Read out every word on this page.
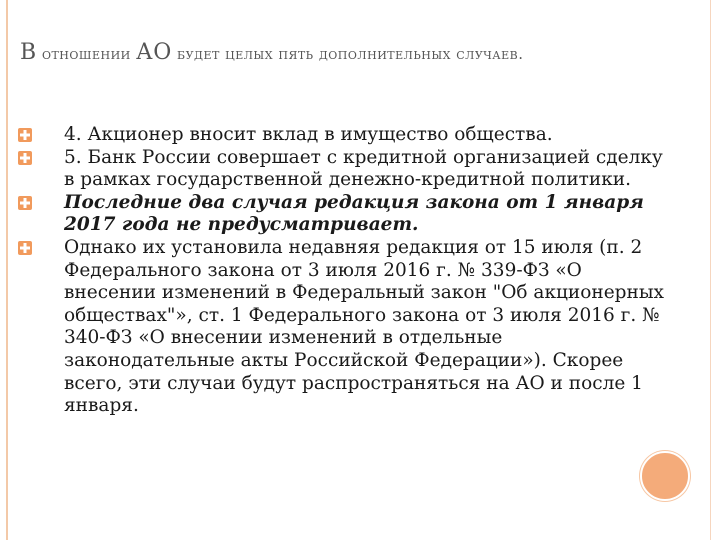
В отношении АО будет целых пять дополнительных случаев.
4. Акционер вносит вклад в имущество общества.
5. Банк России совершает с кредитной организацией сделку в рамках государственной денежно-кредитной политики.
Последние два случая редакция закона от 1 января 2017 года не предусматривает.
Однако их установила недавняя редакция от 15 июля (п. 2 Федерального закона от 3 июля 2016 г. № 339-ФЗ «О внесении изменений в Федеральный закон "Об акционерных обществах"», ст. 1 Федерального закона от 3 июля 2016 г. № 340-ФЗ «О внесении изменений в отдельные законодательные акты Российской Федерации»). Скорее всего, эти случаи будут распространяться на АО и после 1 января.
